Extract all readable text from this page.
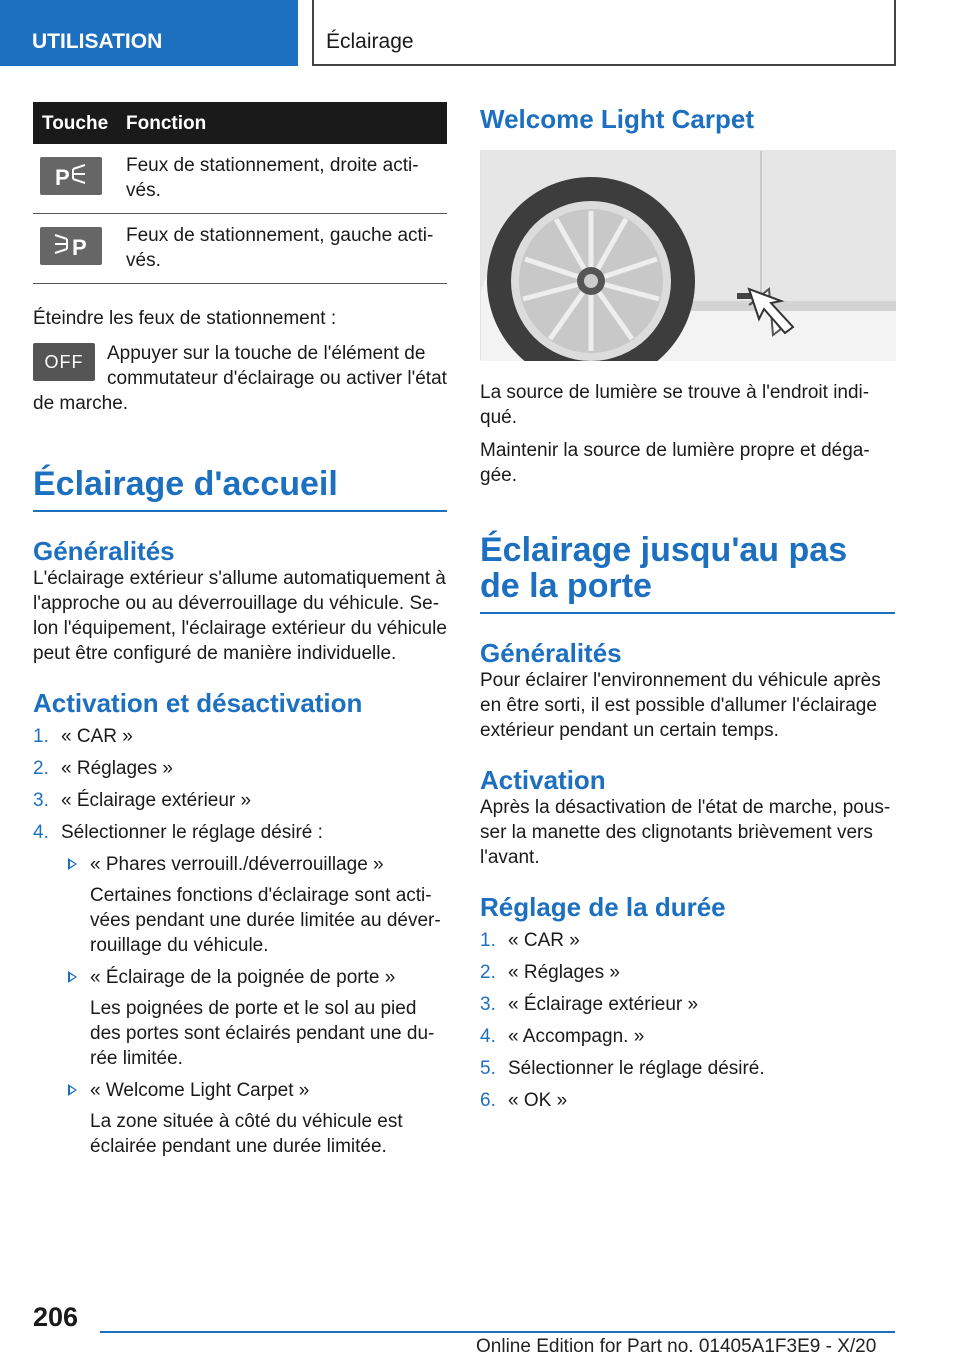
UTILISATION	Éclairage
Touche	Fonction

P	Feux de stationnement, droite activés.

P	Feux de stationnement, gauche activés.

Éteindre les feux de stationnement :

OFF	Appuyer sur la touche de l'élément de commutateur d'éclairage ou activer l'état de marche.

Éclairage d'accueil
Généralités

L'éclairage extérieur s'allume automatiquement à l'approche ou au déverrouillage du véhicule. Selon l'équipement, l'éclairage extérieur du véhicule peut être configuré de manière individuelle.

Activation et désactivation
1. « CAR »
2. « Réglages »
3. « Éclairage extérieur »
4. Sélectionner le réglage désiré :
« Phares verrouill./déverrouillage »

Certaines fonctions d'éclairage sont activées pendant une durée limitée au déverrouillage du véhicule.

« Éclairage de la poignée de porte »

Les poignées de porte et le sol au pied des portes sont éclairés pendant une durée limitée.

« Welcome Light Carpet »

La zone située à côté du véhicule est éclairée pendant une durée limitée.

Welcome Light Carpet

La source de lumière se trouve à l'endroit indiqué.

Maintenir la source de lumière propre et dégagée.

Éclairage jusqu'au pas de la porte
Généralités

Pour éclairer l'environnement du véhicule après en être sorti, il est possible d'allumer l'éclairage extérieur pendant un certain temps.

Activation

Après la désactivation de l'état de marche, pousser la manette des clignotants brièvement vers l'avant.

Réglage de la durée
1. « CAR »
2. « Réglages »
3. « Éclairage extérieur »
4. « Accompagn. »
5. Sélectionner le réglage désiré.
6. « OK »
206
Online Edition for Part no. 01405A1F3E9 - X/20
